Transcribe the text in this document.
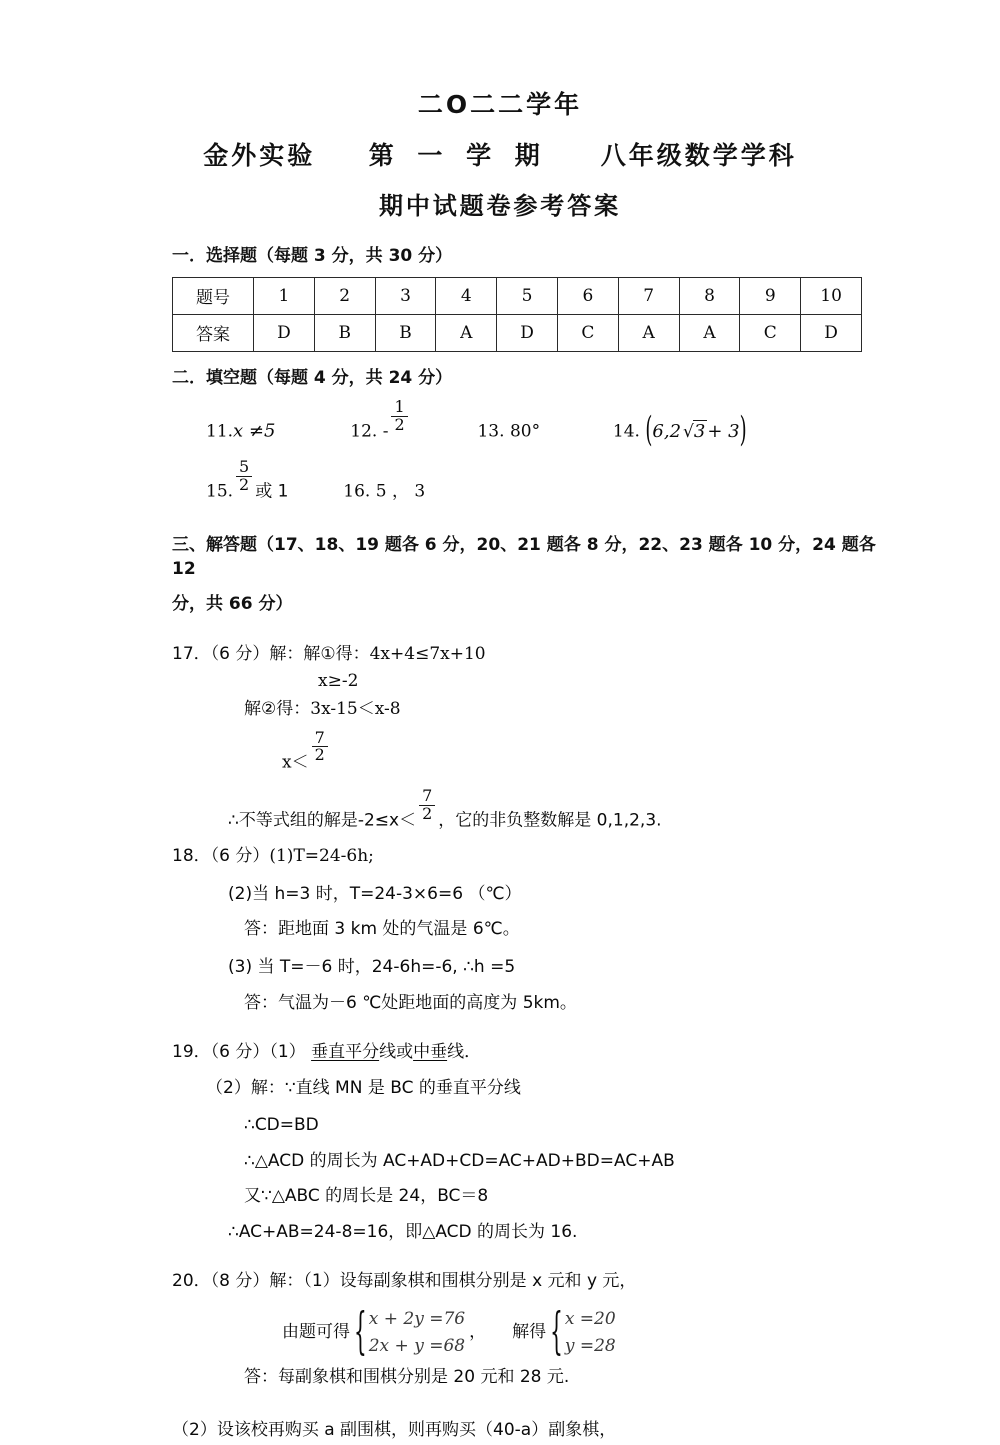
二О二二学年
金外实验 第 一 学 期 八年级数学学科
期中试题卷参考答案
一．选择题（每题 3 分，共 30 分）
题号	1	2	3	4	5	6	7	8	9	10
答案	D	B	B	A	D	C	A	A	C	D
二．填空题（每题 4 分，共 24 分）
11.x ≠5	12. - $\frac{1}{2}$	13. 80°	14. (6,2 √3 + 3)
15. $\frac{5}{2}$ 或 1	16. 5 ， 3
三、解答题（17、18、19 题各 6 分，20、21 题各 8 分，22、23 题各 10 分，24 题各 12
分，共 66 分）
17．（6 分）解：解①得：4x+4≤7x+10
x≥-2
解②得：3x-15＜x-8
$x< \frac{7}{2}$
∴不等式组的解是$-2\le x< \frac{7}{2}$ ，它的非负整数解是 0,1,2,3.
18．（6 分）(1)T=24-6h;
(2)当 h=3 时，T=24-3×6=6 （℃）
答：距地面 3 km 处的气温是 6℃。
(3) 当 T=－6 时，24-6h=-6, ∴h =5
答：气温为－6 ℃处距地面的高度为 5km。
19．（6 分）（1） 垂直平分线或中垂线．
（2）解：∵直线 MN 是 BC 的垂直平分线
∴CD=BD
∴△ACD 的周长为 AC+AD+CD=AC+AD+BD=AC+AB
又∵△ABC 的周长是 24，BC＝8
∴AC+AB=24-8=16，即△ACD 的周长为 16.
20．（8 分）解：（1）设每副象棋和围棋分别是 x 元和 y 元，
由题可得 { x + 2y =76
2x + y =68
， 解得 { x =20
y =28
答：每副象棋和围棋分别是 20 元和 28 元.
（2）设该校再购买 a 副围棋，则再购买（40-a）副象棋，
